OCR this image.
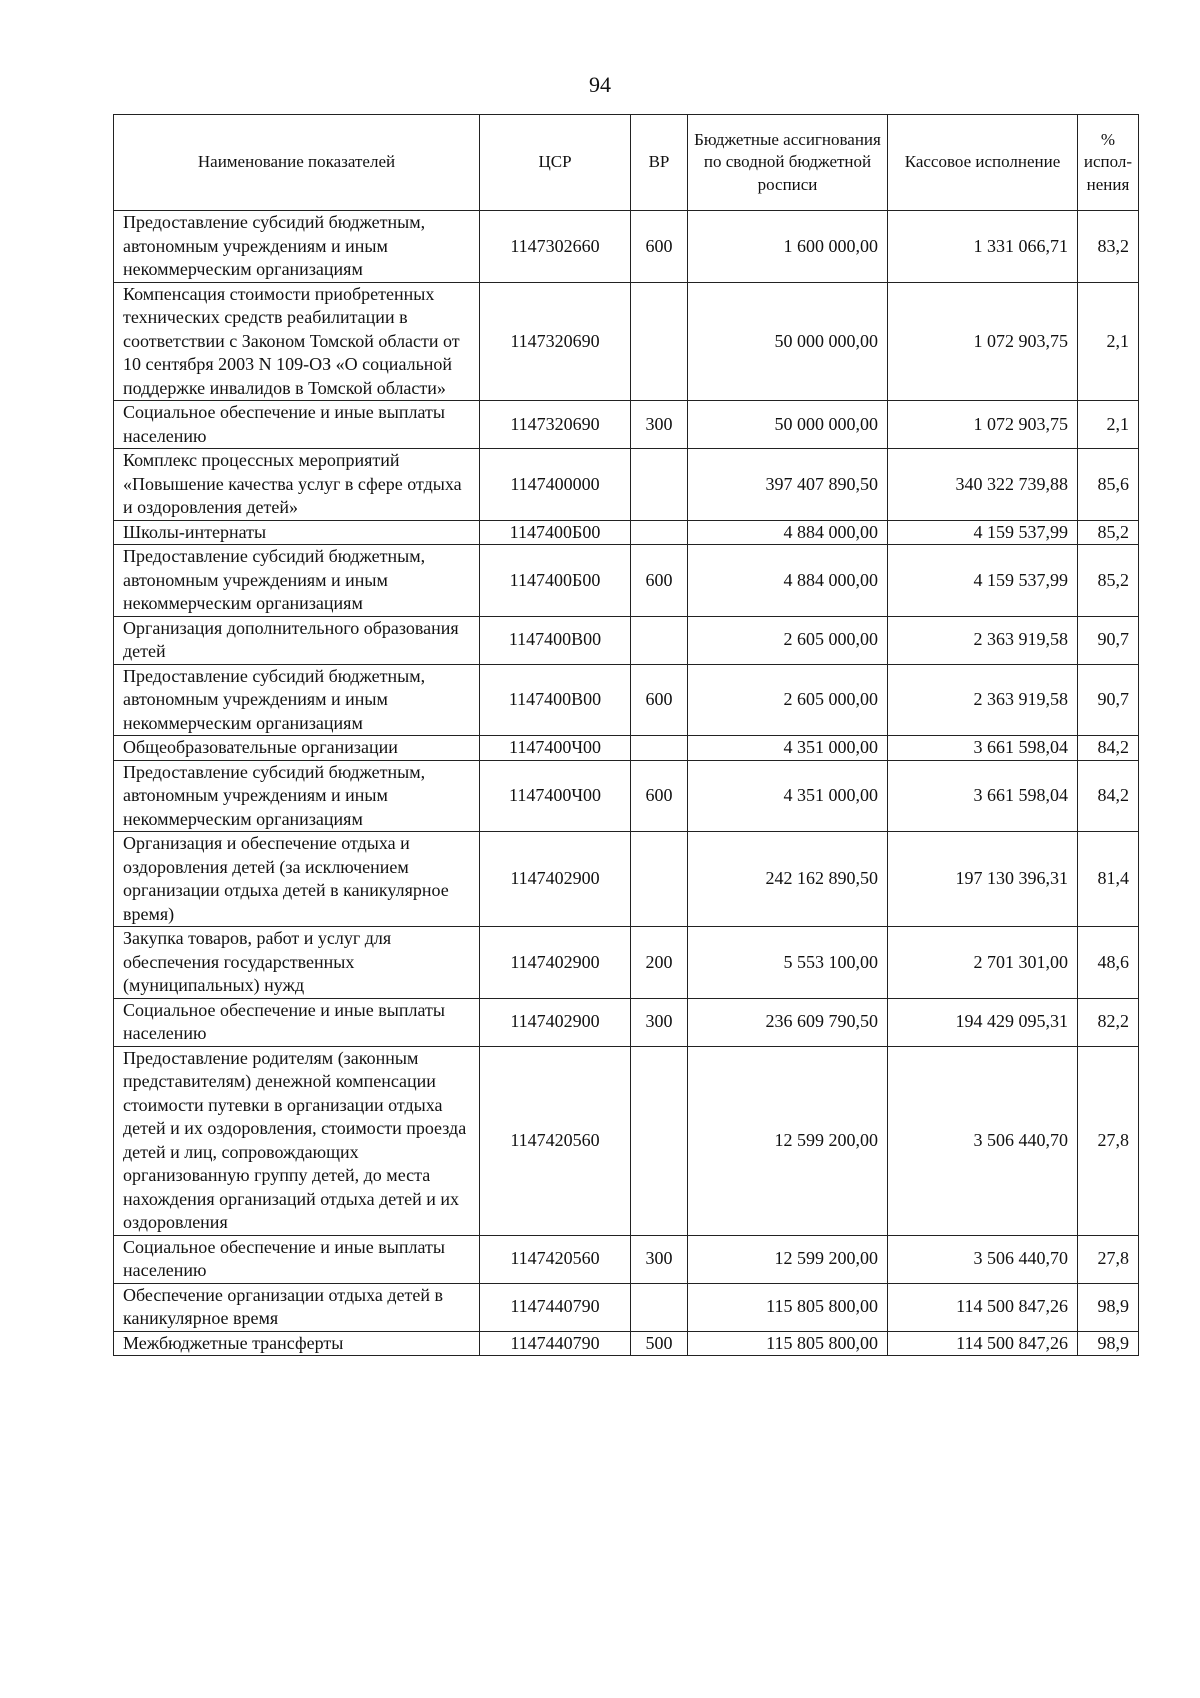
94
Наименование показателей	ЦСР	ВР	Бюджетные ассигнования по сводной бюджетной росписи	Кассовое исполнение	% испол-нения
Предоставление субсидий бюджетным, автономным учреждениям и иным некоммерческим организациям	1147302660	600	1 600 000,00	1 331 066,71	83,2
Компенсация стоимости приобретенных технических средств реабилитации в соответствии с Законом Томской области от 10 сентября 2003 N 109-ОЗ «О социальной поддержке инвалидов в Томской области»	1147320690		50 000 000,00	1 072 903,75	2,1
Социальное обеспечение и иные выплаты населению	1147320690	300	50 000 000,00	1 072 903,75	2,1
Комплекс процессных мероприятий «Повышение качества услуг в сфере отдыха и оздоровления детей»	1147400000		397 407 890,50	340 322 739,88	85,6
Школы-интернаты	1147400Б00		4 884 000,00	4 159 537,99	85,2
Предоставление субсидий бюджетным, автономным учреждениям и иным некоммерческим организациям	1147400Б00	600	4 884 000,00	4 159 537,99	85,2
Организация дополнительного образования детей	1147400В00		2 605 000,00	2 363 919,58	90,7
Предоставление субсидий бюджетным, автономным учреждениям и иным некоммерческим организациям	1147400В00	600	2 605 000,00	2 363 919,58	90,7
Общеобразовательные организации	1147400Ч00		4 351 000,00	3 661 598,04	84,2
Предоставление субсидий бюджетным, автономным учреждениям и иным некоммерческим организациям	1147400Ч00	600	4 351 000,00	3 661 598,04	84,2
Организация и обеспечение отдыха и оздоровления детей (за исключением организации отдыха детей в каникулярное время)	1147402900		242 162 890,50	197 130 396,31	81,4
Закупка товаров, работ и услуг для обеспечения государственных (муниципальных) нужд	1147402900	200	5 553 100,00	2 701 301,00	48,6
Социальное обеспечение и иные выплаты населению	1147402900	300	236 609 790,50	194 429 095,31	82,2
Предоставление родителям (законным представителям) денежной компенсации стоимости путевки в организации отдыха детей и их оздоровления, стоимости проезда детей и лиц, сопровождающих организованную группу детей, до места нахождения организаций отдыха детей и их оздоровления	1147420560		12 599 200,00	3 506 440,70	27,8
Социальное обеспечение и иные выплаты населению	1147420560	300	12 599 200,00	3 506 440,70	27,8
Обеспечение организации отдыха детей в каникулярное время	1147440790		115 805 800,00	114 500 847,26	98,9
Межбюджетные трансферты	1147440790	500	115 805 800,00	114 500 847,26	98,9
